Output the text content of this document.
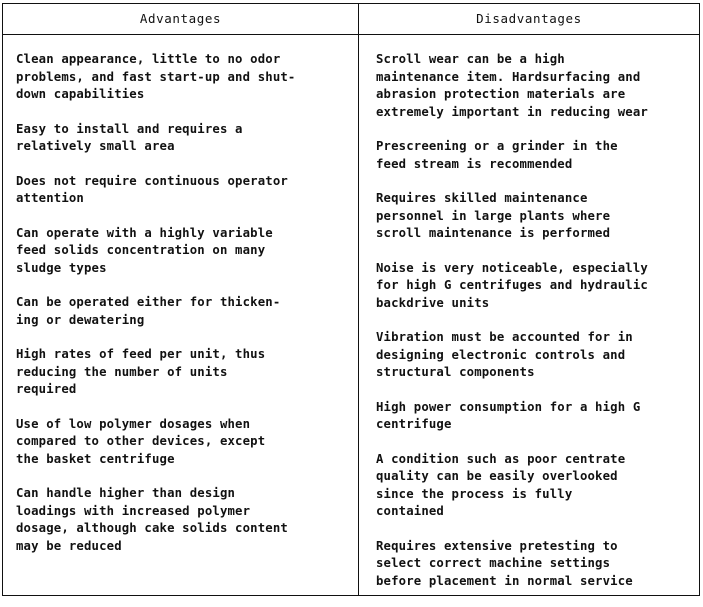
Advantages	Disadvantages

Clean appearance, little to no odor
problems, and fast start-up and shut-
down capabilities

Easy to install and requires a
relatively small area

Does not require continuous operator
attention

Can operate with a highly variable
feed solids concentration on many
sludge types

Can be operated either for thicken-
ing or dewatering

High rates of feed per unit, thus
reducing the number of units
required

Use of low polymer dosages when
compared to other devices, except
the basket centrifuge

Can handle higher than design
loadings with increased polymer
dosage, although cake solids content
may be reduced

Scroll wear can be a high
maintenance item. Hardsurfacing and
abrasion protection materials are
extremely important in reducing wear

Prescreening or a grinder in the
feed stream is recommended

Requires skilled maintenance
personnel in large plants where
scroll maintenance is performed

Noise is very noticeable, especially
for high G centrifuges and hydraulic
backdrive units

Vibration must be accounted for in
designing electronic controls and
structural components

High power consumption for a high G
centrifuge

A condition such as poor centrate
quality can be easily overlooked
since the process is fully
contained

Requires extensive pretesting to
select correct machine settings
before placement in normal service
